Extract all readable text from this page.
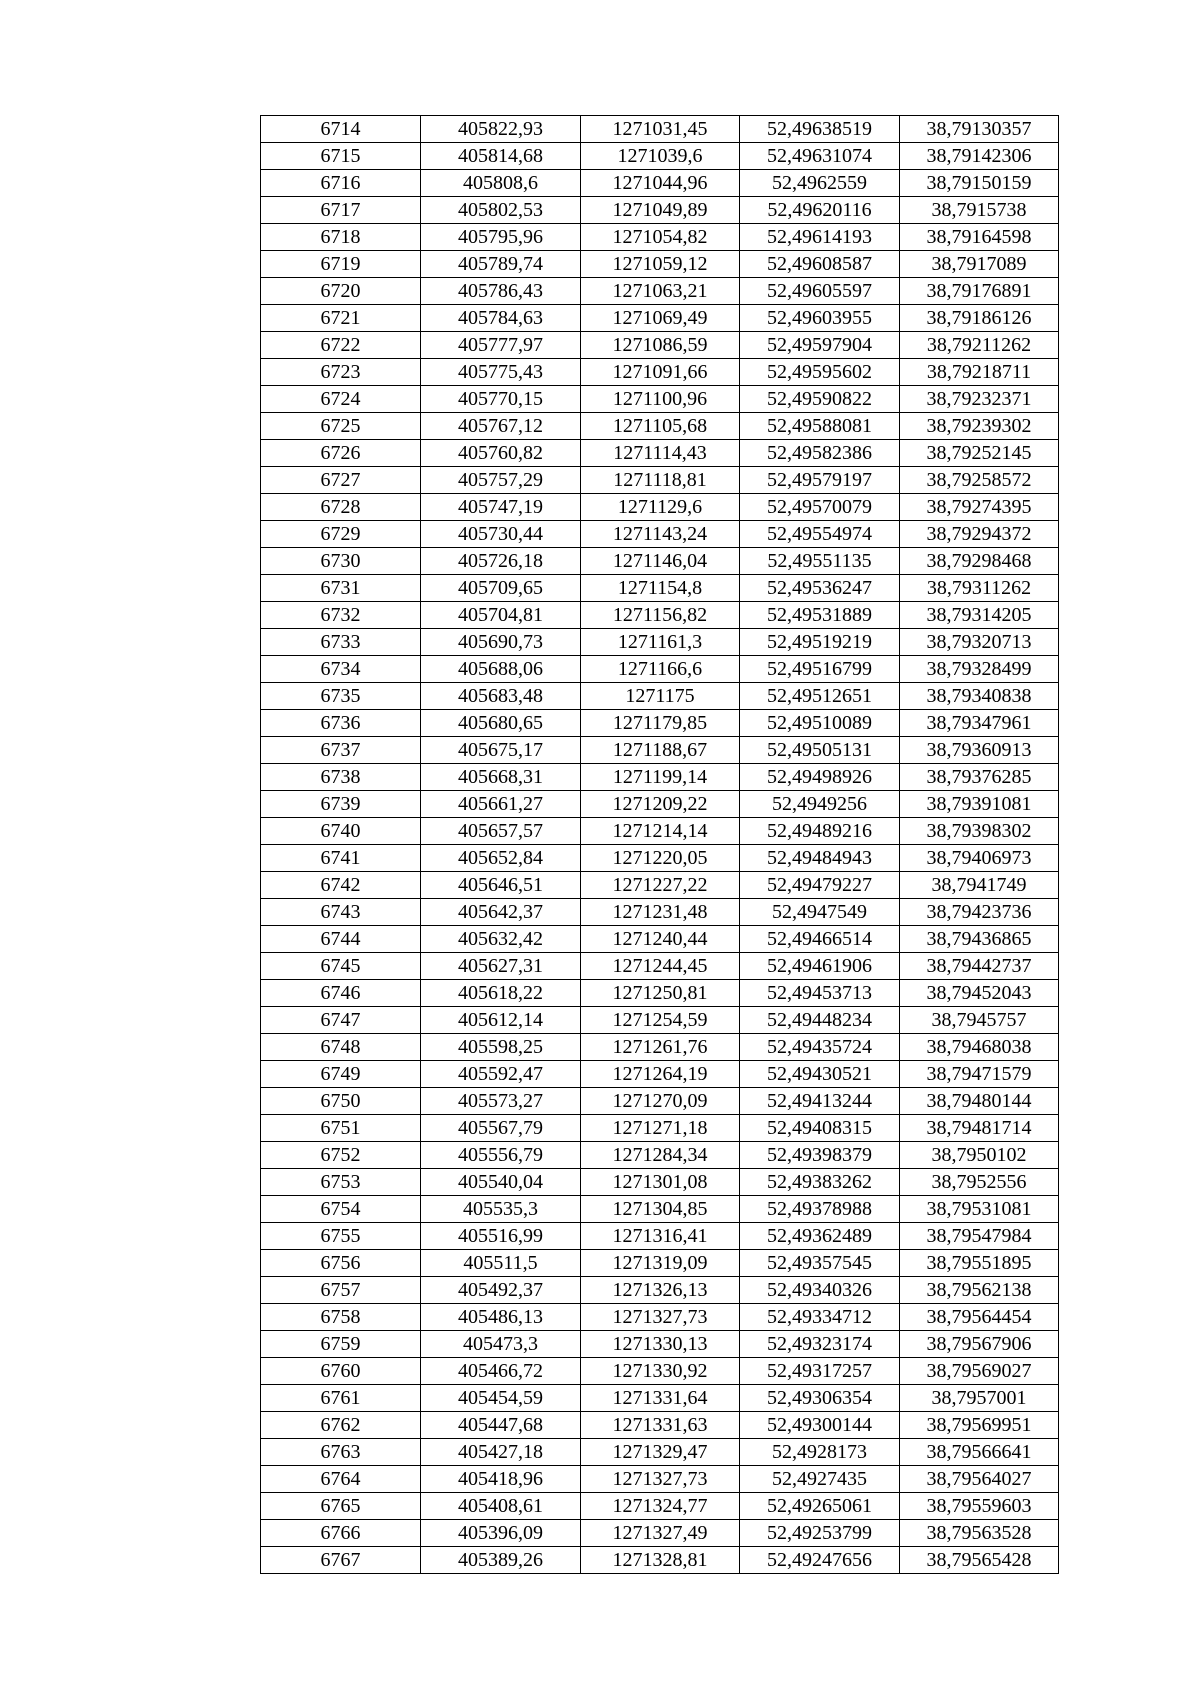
6714	405822,93	1271031,45	52,49638519	38,79130357
6715	405814,68	1271039,6	52,49631074	38,79142306
6716	405808,6	1271044,96	52,4962559	38,79150159
6717	405802,53	1271049,89	52,49620116	38,7915738
6718	405795,96	1271054,82	52,49614193	38,79164598
6719	405789,74	1271059,12	52,49608587	38,7917089
6720	405786,43	1271063,21	52,49605597	38,79176891
6721	405784,63	1271069,49	52,49603955	38,79186126
6722	405777,97	1271086,59	52,49597904	38,79211262
6723	405775,43	1271091,66	52,49595602	38,79218711
6724	405770,15	1271100,96	52,49590822	38,79232371
6725	405767,12	1271105,68	52,49588081	38,79239302
6726	405760,82	1271114,43	52,49582386	38,79252145
6727	405757,29	1271118,81	52,49579197	38,79258572
6728	405747,19	1271129,6	52,49570079	38,79274395
6729	405730,44	1271143,24	52,49554974	38,79294372
6730	405726,18	1271146,04	52,49551135	38,79298468
6731	405709,65	1271154,8	52,49536247	38,79311262
6732	405704,81	1271156,82	52,49531889	38,79314205
6733	405690,73	1271161,3	52,49519219	38,79320713
6734	405688,06	1271166,6	52,49516799	38,79328499
6735	405683,48	1271175	52,49512651	38,79340838
6736	405680,65	1271179,85	52,49510089	38,79347961
6737	405675,17	1271188,67	52,49505131	38,79360913
6738	405668,31	1271199,14	52,49498926	38,79376285
6739	405661,27	1271209,22	52,4949256	38,79391081
6740	405657,57	1271214,14	52,49489216	38,79398302
6741	405652,84	1271220,05	52,49484943	38,79406973
6742	405646,51	1271227,22	52,49479227	38,7941749
6743	405642,37	1271231,48	52,4947549	38,79423736
6744	405632,42	1271240,44	52,49466514	38,79436865
6745	405627,31	1271244,45	52,49461906	38,79442737
6746	405618,22	1271250,81	52,49453713	38,79452043
6747	405612,14	1271254,59	52,49448234	38,7945757
6748	405598,25	1271261,76	52,49435724	38,79468038
6749	405592,47	1271264,19	52,49430521	38,79471579
6750	405573,27	1271270,09	52,49413244	38,79480144
6751	405567,79	1271271,18	52,49408315	38,79481714
6752	405556,79	1271284,34	52,49398379	38,7950102
6753	405540,04	1271301,08	52,49383262	38,7952556
6754	405535,3	1271304,85	52,49378988	38,79531081
6755	405516,99	1271316,41	52,49362489	38,79547984
6756	405511,5	1271319,09	52,49357545	38,79551895
6757	405492,37	1271326,13	52,49340326	38,79562138
6758	405486,13	1271327,73	52,49334712	38,79564454
6759	405473,3	1271330,13	52,49323174	38,79567906
6760	405466,72	1271330,92	52,49317257	38,79569027
6761	405454,59	1271331,64	52,49306354	38,7957001
6762	405447,68	1271331,63	52,49300144	38,79569951
6763	405427,18	1271329,47	52,4928173	38,79566641
6764	405418,96	1271327,73	52,4927435	38,79564027
6765	405408,61	1271324,77	52,49265061	38,79559603
6766	405396,09	1271327,49	52,49253799	38,79563528
6767	405389,26	1271328,81	52,49247656	38,79565428
